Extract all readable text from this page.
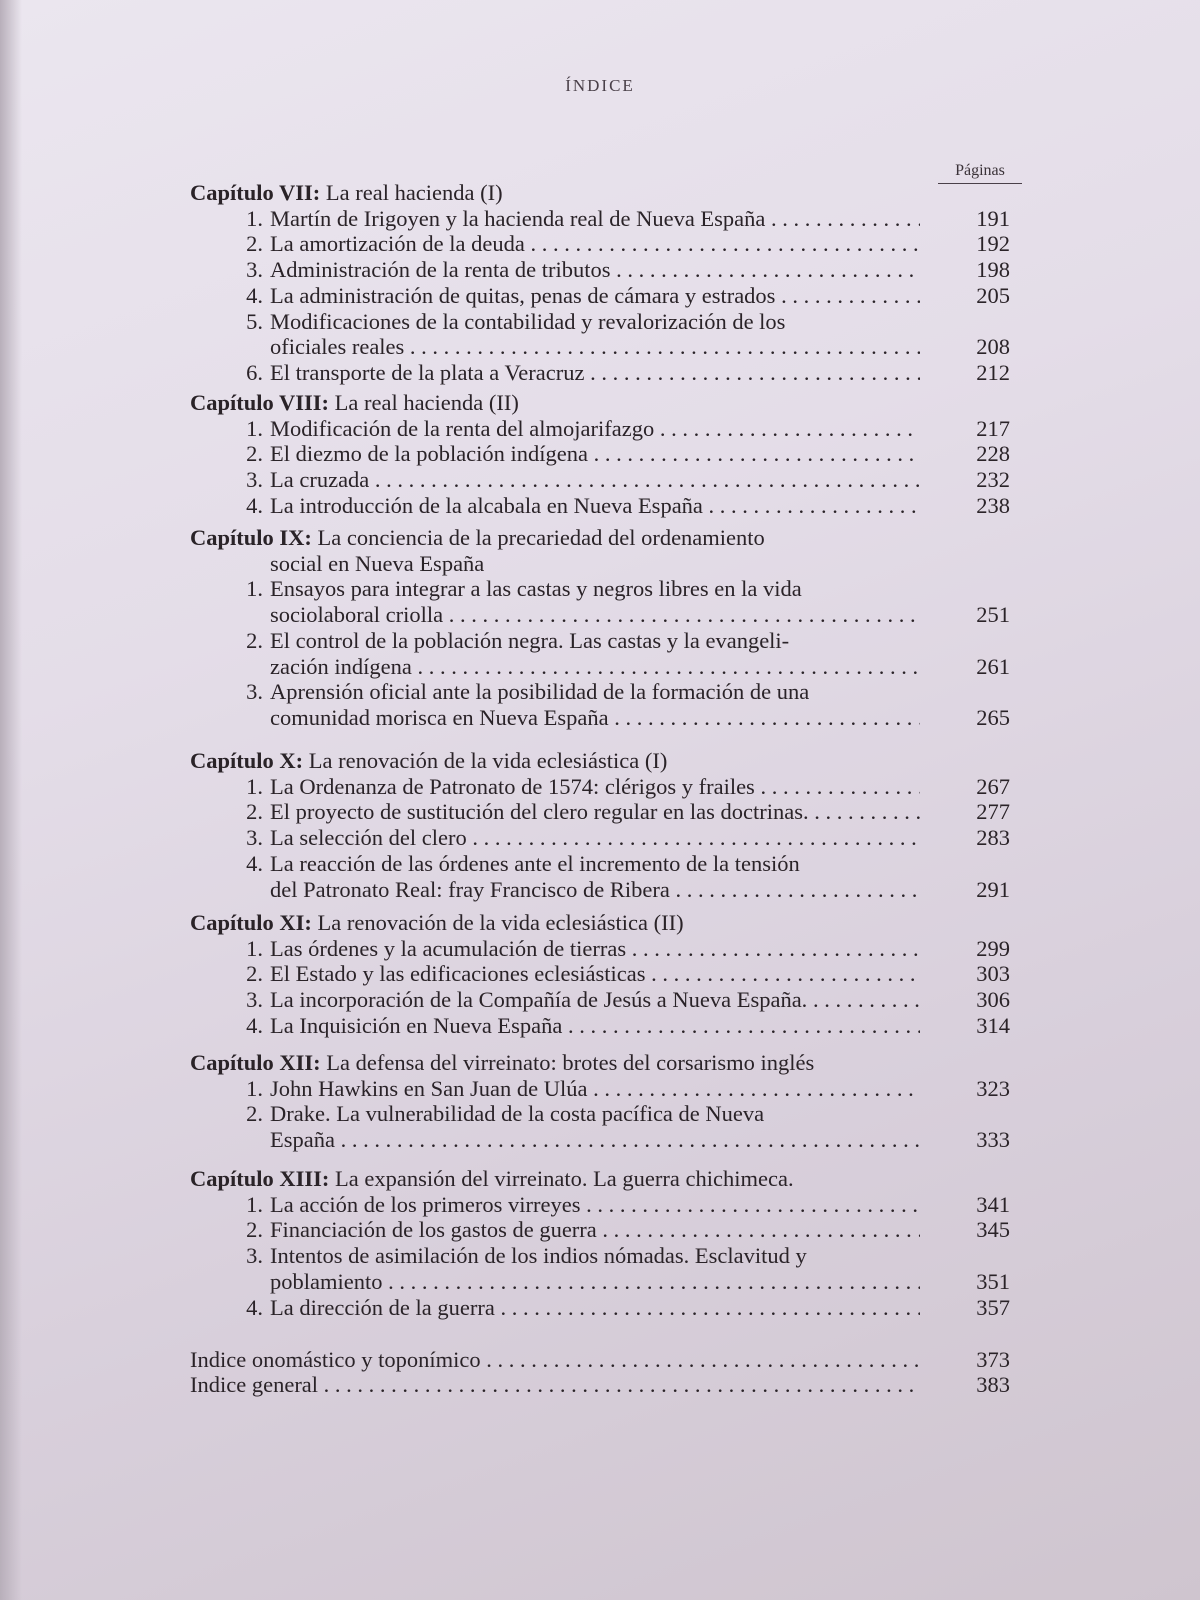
ÍNDICE
Páginas
Capítulo VII: La real hacienda (I)
1. Martín de Irigoyen y la hacienda real de Nueva España . . .	191
2. La amortización de la deuda . . .	192
3. Administración de la renta de tributos . . .	198
4. La administración de quitas, penas de cámara y estrados . . .	205
5. Modificaciones de la contabilidad y revalorización de los
oficiales reales . . .	208
6. El transporte de la plata a Veracruz . . .	212
Capítulo VIII: La real hacienda (II)
1. Modificación de la renta del almojarifazgo . . .	217
2. El diezmo de la población indígena . . .	228
3. La cruzada . . .	232
4. La introducción de la alcabala en Nueva España . . .	238
Capítulo IX: La conciencia de la precariedad del ordenamiento
social en Nueva España
1. Ensayos para integrar a las castas y negros libres en la vida
sociolaboral criolla . . .	251
2. El control de la población negra. Las castas y la evangeli-
zación indígena . . .	261
3. Aprensión oficial ante la posibilidad de la formación de una
comunidad morisca en Nueva España . . .	265
Capítulo X: La renovación de la vida eclesiástica (I)
1. La Ordenanza de Patronato de 1574: clérigos y frailes . . .	267
2. El proyecto de sustitución del clero regular en las doctrinas. . . .	277
3. La selección del clero . . .	283
4. La reacción de las órdenes ante el incremento de la tensión
del Patronato Real: fray Francisco de Ribera . . .	291
Capítulo XI: La renovación de la vida eclesiástica (II)
1. Las órdenes y la acumulación de tierras . . .	299
2. El Estado y las edificaciones eclesiásticas . . .	303
3. La incorporación de la Compañía de Jesús a Nueva España. . . .	306
4. La Inquisición en Nueva España . . .	314
Capítulo XII: La defensa del virreinato: brotes del corsarismo inglés
1. John Hawkins en San Juan de Ulúa . . .	323
2. Drake. La vulnerabilidad de la costa pacífica de Nueva
España . . .	333
Capítulo XIII: La expansión del virreinato. La guerra chichimeca.
1. La acción de los primeros virreyes . . .	341
2. Financiación de los gastos de guerra . . .	345
3. Intentos de asimilación de los indios nómadas. Esclavitud y
poblamiento . . .	351
4. La dirección de la guerra . . .	357
Indice onomástico y toponímico . . .	373
Indice general . . .	383
